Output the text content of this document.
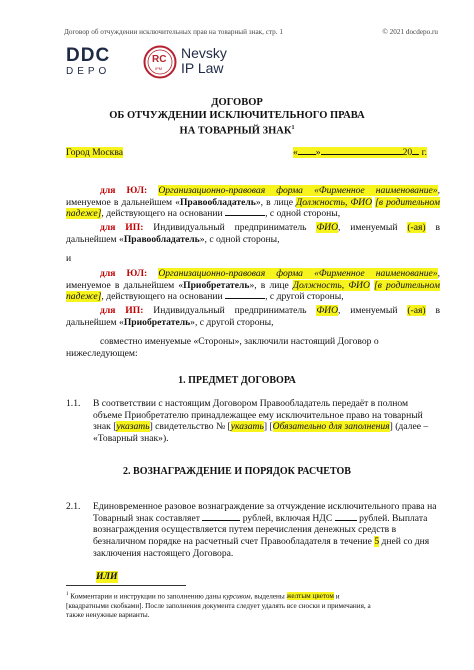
Договор об отчуждении исключительных прав на товарный знак, стр. 1	© 2021 docdepo.ru
DDC
DEPO
RC
IPM
Nevsky
IP Law
ДОГОВОР
ОБ ОТЧУЖДЕНИИ ИСКЛЮЧИТЕЛЬНОГО ПРАВА
НА ТОВАРНЫЙ ЗНАК$^1$
Город Москва	« »	20 г.
для ЮЛ: Организационно-правовая форма «Фирменное наименование», именуемое в дальнейшем «Правообладатель», в лице Должность, ФИО [в родительном падеже], действующего на основании	, с одной стороны,
для ИП: Индивидуальный предприниматель ФИО, именуемый (-ая) в дальнейшем «Правообладатель», с одной стороны,
и
для ЮЛ: Организационно-правовая форма «Фирменное наименование», именуемое в дальнейшем «Приобретатель», в лице Должность, ФИО [в родительном падеже], действующего на основании	, с другой стороны,
для ИП: Индивидуальный предприниматель ФИО, именуемый (-ая) в дальнейшем «Приобретатель», с другой стороны,
совместно именуемые «Стороны», заключили настоящий Договор о
нижеследующем:
1. ПРЕДМЕТ ДОГОВОРА
1.1. В соответствии с настоящим Договором Правообладатель передаёт в полном
объеме Приобретателю принадлежащее ему исключительное право на товарный
знак [указать] свидетельство № [указать] [Обязательно для заполнения] (далее –
«Товарный знак»).
2. ВОЗНАГРАЖДЕНИЕ И ПОРЯДОК РАСЧЕТОВ
2.1. Единовременное разовое вознаграждение за отчуждение исключительного права на
Товарный знак составляет	рублей, включая НДС	рублей. Выплата
вознаграждения осуществляется путем перечисления денежных средств в
безналичном порядке на расчетный счет Правообладателя в течение 5 дней со дня
заключения настоящего Договора.
ИЛИ
$^1$ Комментарии и инструкции по заполнению даны курсивом, выделены желтым цветом и
[квадратными скобками]. После заполнения документа следует удалять все сноски и примечания, а
также ненужные варианты.
